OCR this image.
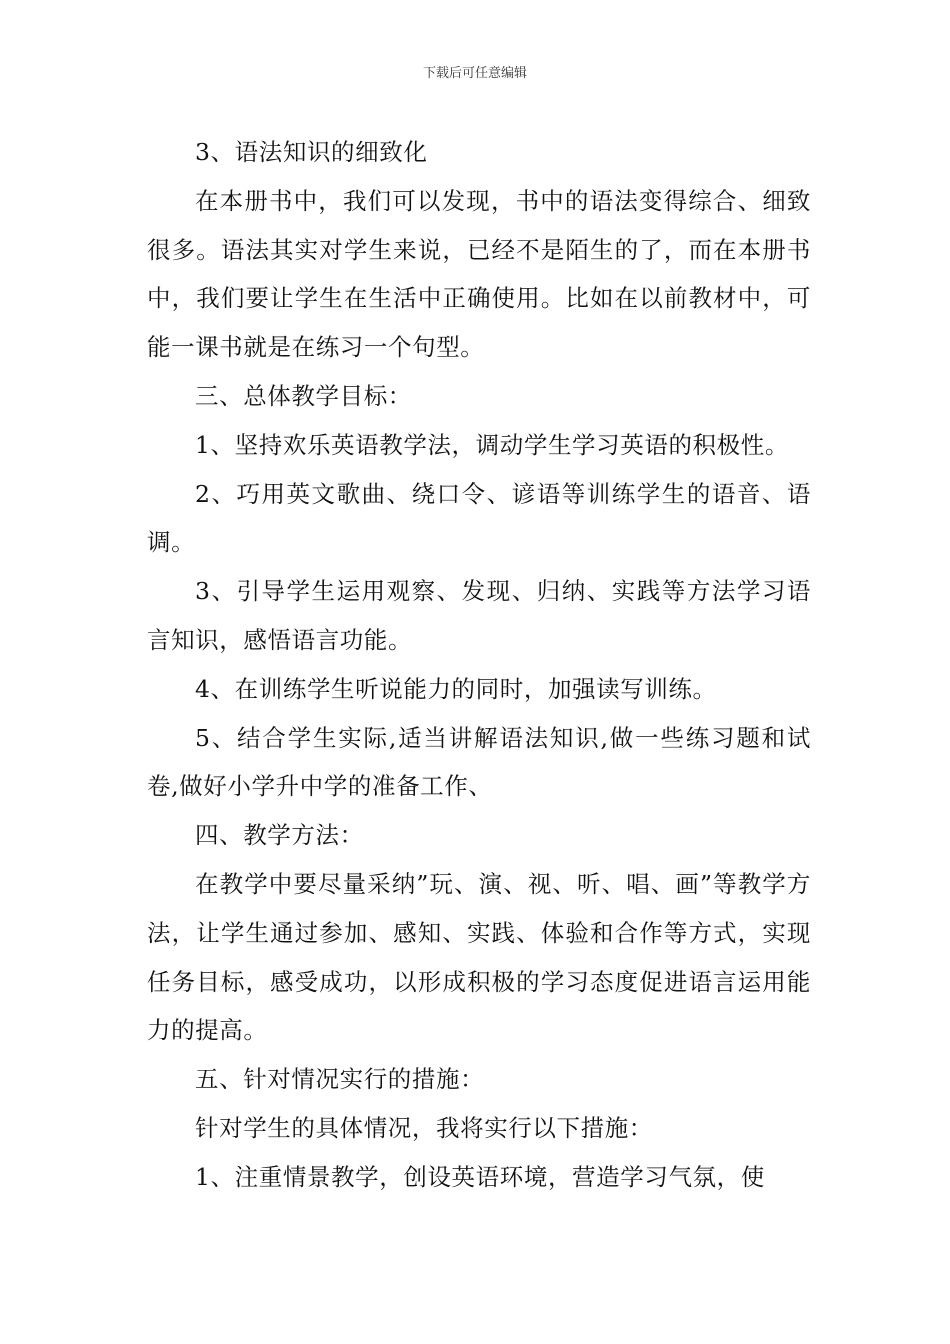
下载后可任意编辑

3、语法知识的细致化

在本册书中，我们可以发现，书中的语法变得综合、细致很多。语法其实对学生来说，已经不是陌生的了，而在本册书中，我们要让学生在生活中正确使用。比如在以前教材中，可能一课书就是在练习一个句型。

三、总体教学目标：

1、坚持欢乐英语教学法，调动学生学习英语的积极性。

2、巧用英文歌曲、绕口令、谚语等训练学生的语音、语调。

3、引导学生运用观察、发现、归纳、实践等方法学习语言知识，感悟语言功能。

4、在训练学生听说能力的同时，加强读写训练。

5、结合学生实际,适当讲解语法知识,做一些练习题和试卷,做好小学升中学的准备工作、

四、教学方法：

在教学中要尽量采纳”玩、演、视、听、唱、画”等教学方法，让学生通过参加、感知、实践、体验和合作等方式，实现任务目标，感受成功，以形成积极的学习态度促进语言运用能力的提高。

五、针对情况实行的措施：

针对学生的具体情况，我将实行以下措施：

1、注重情景教学，创设英语环境，营造学习气氛，使
